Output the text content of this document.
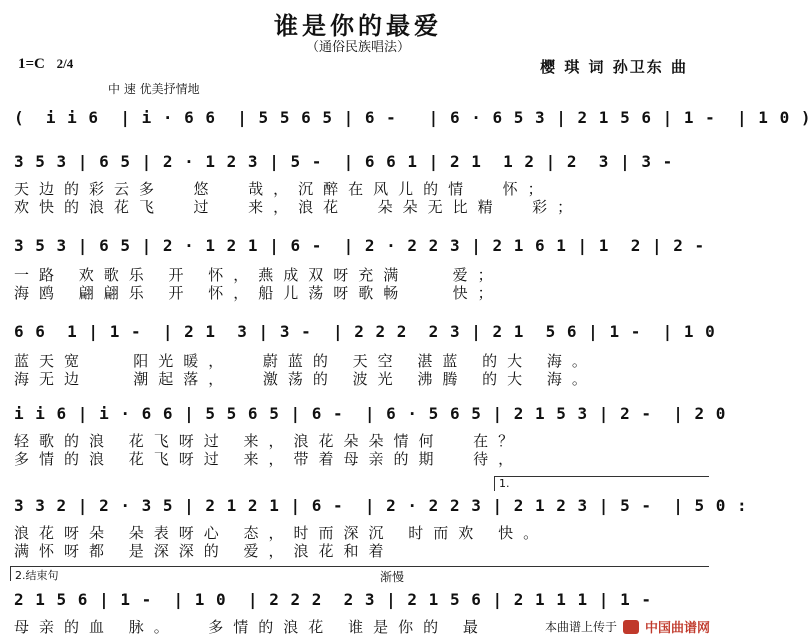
谁是你的最爱
（通俗民族唱法）
1=C 2/4	樱 琪 词 孙卫东 曲
中 速 优美抒情地
(  i i 6  | i · 6 6  | 5 5 6 5 | 6 -   | 6 · 6 5 3 | 2 1 5 6 | 1 -  | 1 0 )
3 5 3 | 6 5 | 2 · 1 2 3 | 5 -  | 6 6 1 | 2 1  1 2 | 2  3 | 3 -
天边的彩云多  悠  哉，沉醉在风儿的情  怀；
欢快的浪花飞  过  来，浪花  朵朵无比精  彩；
3 5 3 | 6 5 | 2 · 1 2 1 | 6 -  | 2 · 2 2 3 | 2 1 6 1 | 1  2 | 2 -
一路 欢歌乐 开 怀，燕成双呀充满   爱；
海鸥 翩翩乐 开 怀，船儿荡呀歌畅   快；
6 6  1 | 1 -  | 2 1  3 | 3 -  | 2 2 2  2 3 | 2 1  5 6 | 1 -  | 1 0
蓝天宽   阳光暖，  蔚蓝的 天空 湛蓝 的大 海。
海无边   潮起落，  激荡的 波光 沸腾 的大 海。
i i 6 | i · 6 6 | 5 5 6 5 | 6 -  | 6 · 5 6 5 | 2 1 5 3 | 2 -  | 2 0
轻歌的浪 花飞呀过 来，浪花朵朵情何  在？
多情的浪 花飞呀过 来，带着母亲的期  待，
1.
3 3 2 | 2 · 3 5 | 2 1 2 1 | 6 -  | 2 · 2 2 3 | 2 1 2 3 | 5 -  | 5 0 :
浪花呀朵 朵表呀心 态，时而深沉 时而欢 快。
满怀呀都 是深深的 爱，浪花和着
2.结束句	渐慢
2 1 5 6 | 1 -  | 1 0  | 2 2 2  2 3 | 2 1 5 6 | 2 1 1 1 | 1 -
母亲的血 脉。  多情的浪花 谁是你的 最	本曲谱上传于 中国曲谱网
